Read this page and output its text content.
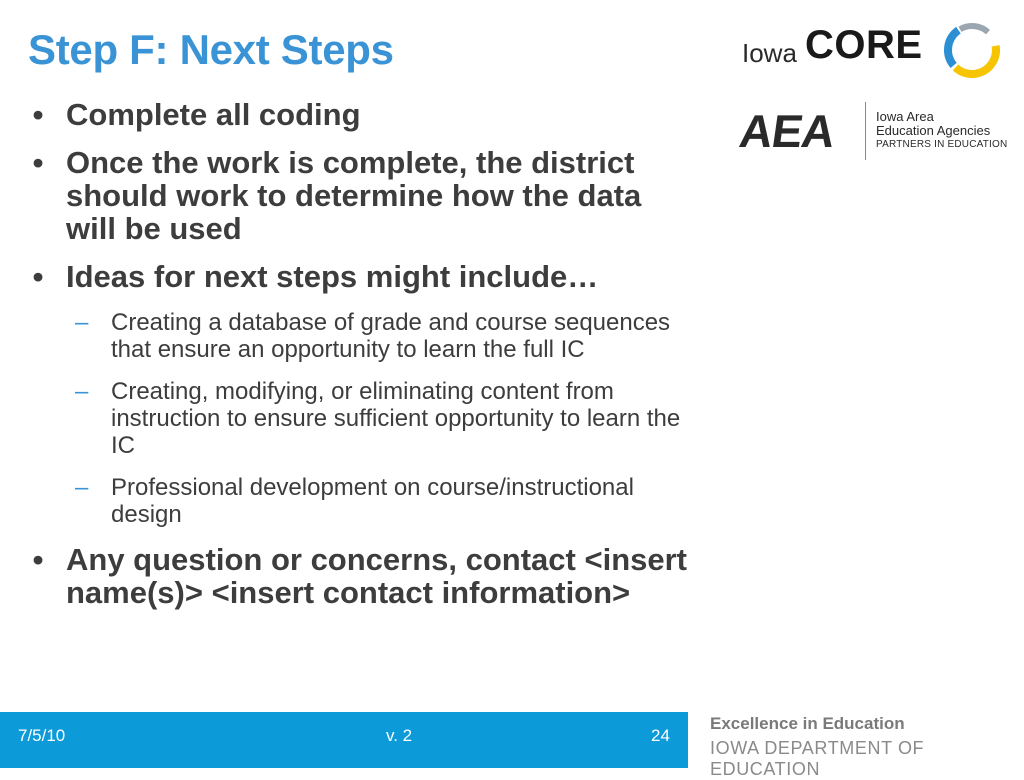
Step F: Next Steps
• Complete all coding
• Once the work is complete, the district should work to determine how the data will be used
• Ideas for next steps might include…
– Creating a database of grade and course sequences that ensure an opportunity to learn the full IC
– Creating, modifying, or eliminating content from instruction to ensure sufficient opportunity to learn the IC
– Professional development on course/instructional design
• Any question or concerns, contact <insert name(s)> <insert contact information>
Iowa CORE
AEA	Iowa Area
Education Agencies
PARTNERS IN EDUCATION
7/5/10	v. 2	24
Excellence in Education
IOWA DEPARTMENT OF EDUCATION
